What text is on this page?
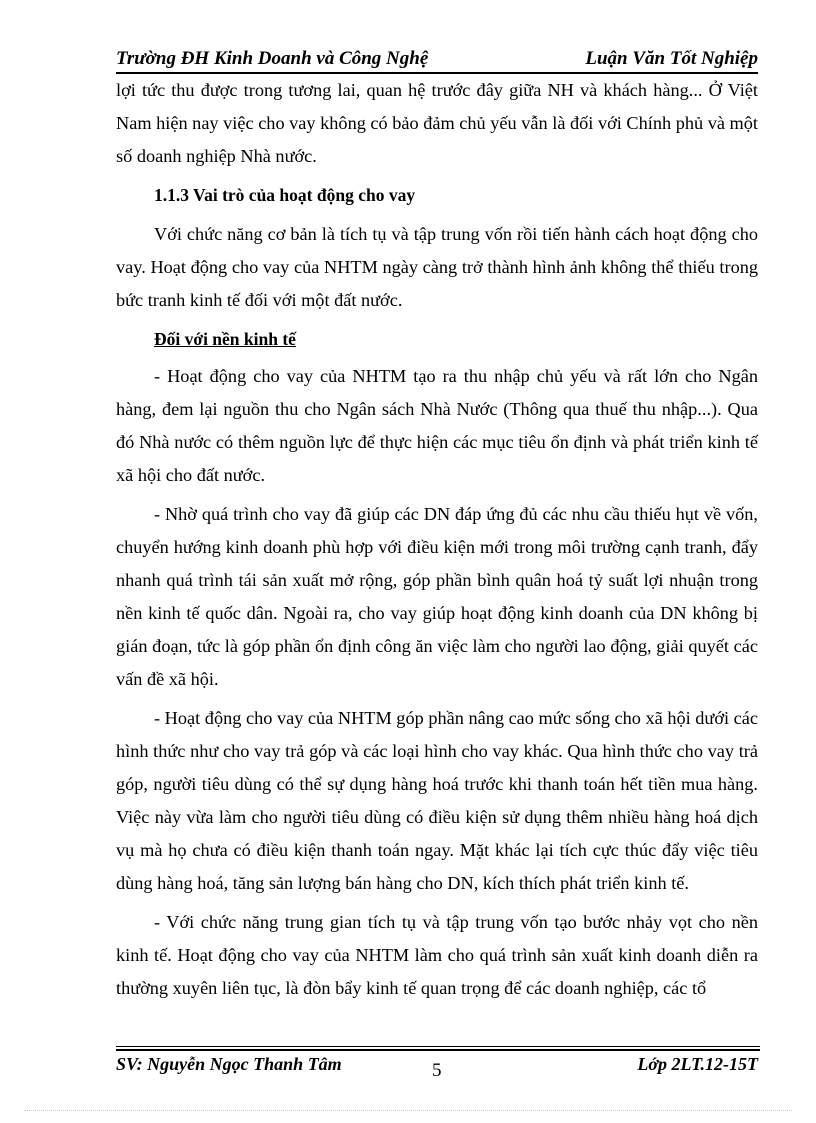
Trường ĐH Kinh Doanh và Công Nghệ	Luận Văn Tốt Nghiệp

lợi tức thu được trong tương lai, quan hệ trước đây giữa NH và khách hàng... Ở Việt Nam hiện nay việc cho vay không có bảo đảm chủ yếu vẫn là đối với Chính phủ và một số doanh nghiệp Nhà nước.

1.1.3 Vai trò của hoạt động cho vay

Với chức năng cơ bản là tích tụ và tập trung vốn rồi tiến hành cách hoạt động cho vay. Hoạt động cho vay của NHTM ngày càng trở thành hình ảnh không thể thiếu trong bức tranh kinh tế đối với một đất nước.

Đối với nền kinh tế

- Hoạt động cho vay của NHTM tạo ra thu nhập chủ yếu và rất lớn cho Ngân hàng, đem lại nguồn thu cho Ngân sách Nhà Nước (Thông qua thuế thu nhập...). Qua đó Nhà nước có thêm nguồn lực để thực hiện các mục tiêu ổn định và phát triển kinh tế xã hội cho đất nước.

- Nhờ quá trình cho vay đã giúp các DN đáp ứng đủ các nhu cầu thiếu hụt về vốn, chuyển hướng kinh doanh phù hợp với điều kiện mới trong môi trường cạnh tranh, đẩy nhanh quá trình tái sản xuất mở rộng, góp phần bình quân hoá tỷ suất lợi nhuận trong nền kinh tế quốc dân. Ngoài ra, cho vay giúp hoạt động kinh doanh của DN không bị gián đoạn, tức là góp phần ổn định công ăn việc làm cho người lao động, giải quyết các vấn đề xã hội.

- Hoạt động cho vay của NHTM góp phần nâng cao mức sống cho xã hội dưới các hình thức như cho vay trả góp và các loại hình cho vay khác. Qua hình thức cho vay trả góp, người tiêu dùng có thể sự dụng hàng hoá trước khi thanh toán hết tiền mua hàng. Việc này vừa làm cho người tiêu dùng có điều kiện sử dụng thêm nhiều hàng hoá dịch vụ mà họ chưa có điều kiện thanh toán ngay. Mặt khác lại tích cực thúc đẩy việc tiêu dùng hàng hoá, tăng sản lượng bán hàng cho DN, kích thích phát triển kinh tế.

- Với chức năng trung gian tích tụ và tập trung vốn tạo bước nhảy vọt cho nền kinh tế. Hoạt động cho vay của NHTM làm cho quá trình sản xuất kinh doanh diễn ra thường xuyên liên tục, là đòn bẩy kinh tế quan trọng để các doanh nghiệp, các tổ

SV: Nguyễn Ngọc Thanh Tâm	5	Lớp 2LT.12-15T
